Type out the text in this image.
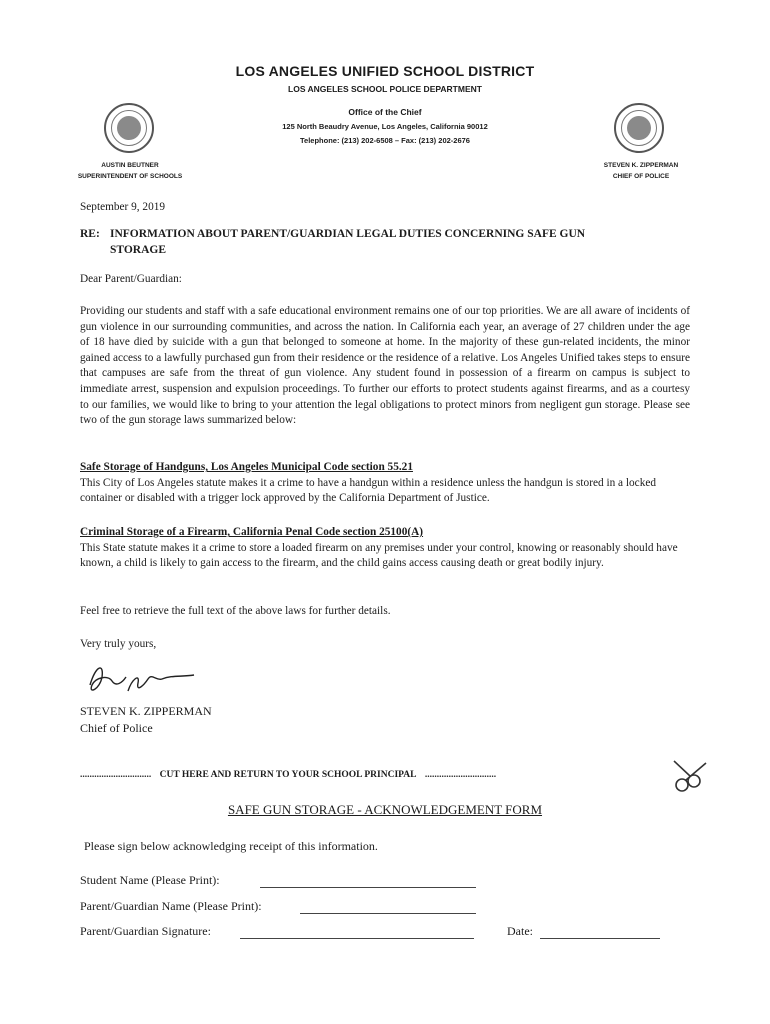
LOS ANGELES UNIFIED SCHOOL DISTRICT
LOS ANGELES SCHOOL POLICE DEPARTMENT
Office of the Chief
125 North Beaudry Avenue, Los Angeles, California 90012
Telephone: (213) 202-6508 – Fax: (213) 202-2676
AUSTIN BEUTNER
SUPERINTENDENT OF SCHOOLS
STEVEN K. ZIPPERMAN
CHIEF OF POLICE
September 9, 2019
RE: INFORMATION ABOUT PARENT/GUARDIAN LEGAL DUTIES CONCERNING SAFE GUN
STORAGE
Dear Parent/Guardian:
Providing our students and staff with a safe educational environment remains one of our top priorities. We are all aware of incidents of gun violence in our surrounding communities, and across the nation. In California each year, an average of 27 children under the age of 18 have died by suicide with a gun that belonged to someone at home. In the majority of these gun-related incidents, the minor gained access to a lawfully purchased gun from their residence or the residence of a relative. Los Angeles Unified takes steps to ensure that campuses are safe from the threat of gun violence. Any student found in possession of a firearm on campus is subject to immediate arrest, suspension and expulsion proceedings. To further our efforts to protect students against firearms, and as a courtesy to our families, we would like to bring to your attention the legal obligations to protect minors from negligent gun storage. Please see two of the gun storage laws summarized below:
Safe Storage of Handguns, Los Angeles Municipal Code section 55.21
This City of Los Angeles statute makes it a crime to have a handgun within a residence unless the handgun is stored in a locked container or disabled with a trigger lock approved by the California Department of Justice.
Criminal Storage of a Firearm, California Penal Code section 25100(A)
This State statute makes it a crime to store a loaded firearm on any premises under your control, knowing or reasonably should have known, a child is likely to gain access to the firearm, and the child gains access causing death or great bodily injury.
Feel free to retrieve the full text of the above laws for further details.
Very truly yours,
STEVEN K. ZIPPERMAN
Chief of Police
.............................. CUT HERE AND RETURN TO YOUR SCHOOL PRINCIPAL ..............................
SAFE GUN STORAGE - ACKNOWLEDGEMENT FORM
Please sign below acknowledging receipt of this information.
Student Name (Please Print):
Parent/Guardian Name (Please Print):
Parent/Guardian Signature:	Date:
